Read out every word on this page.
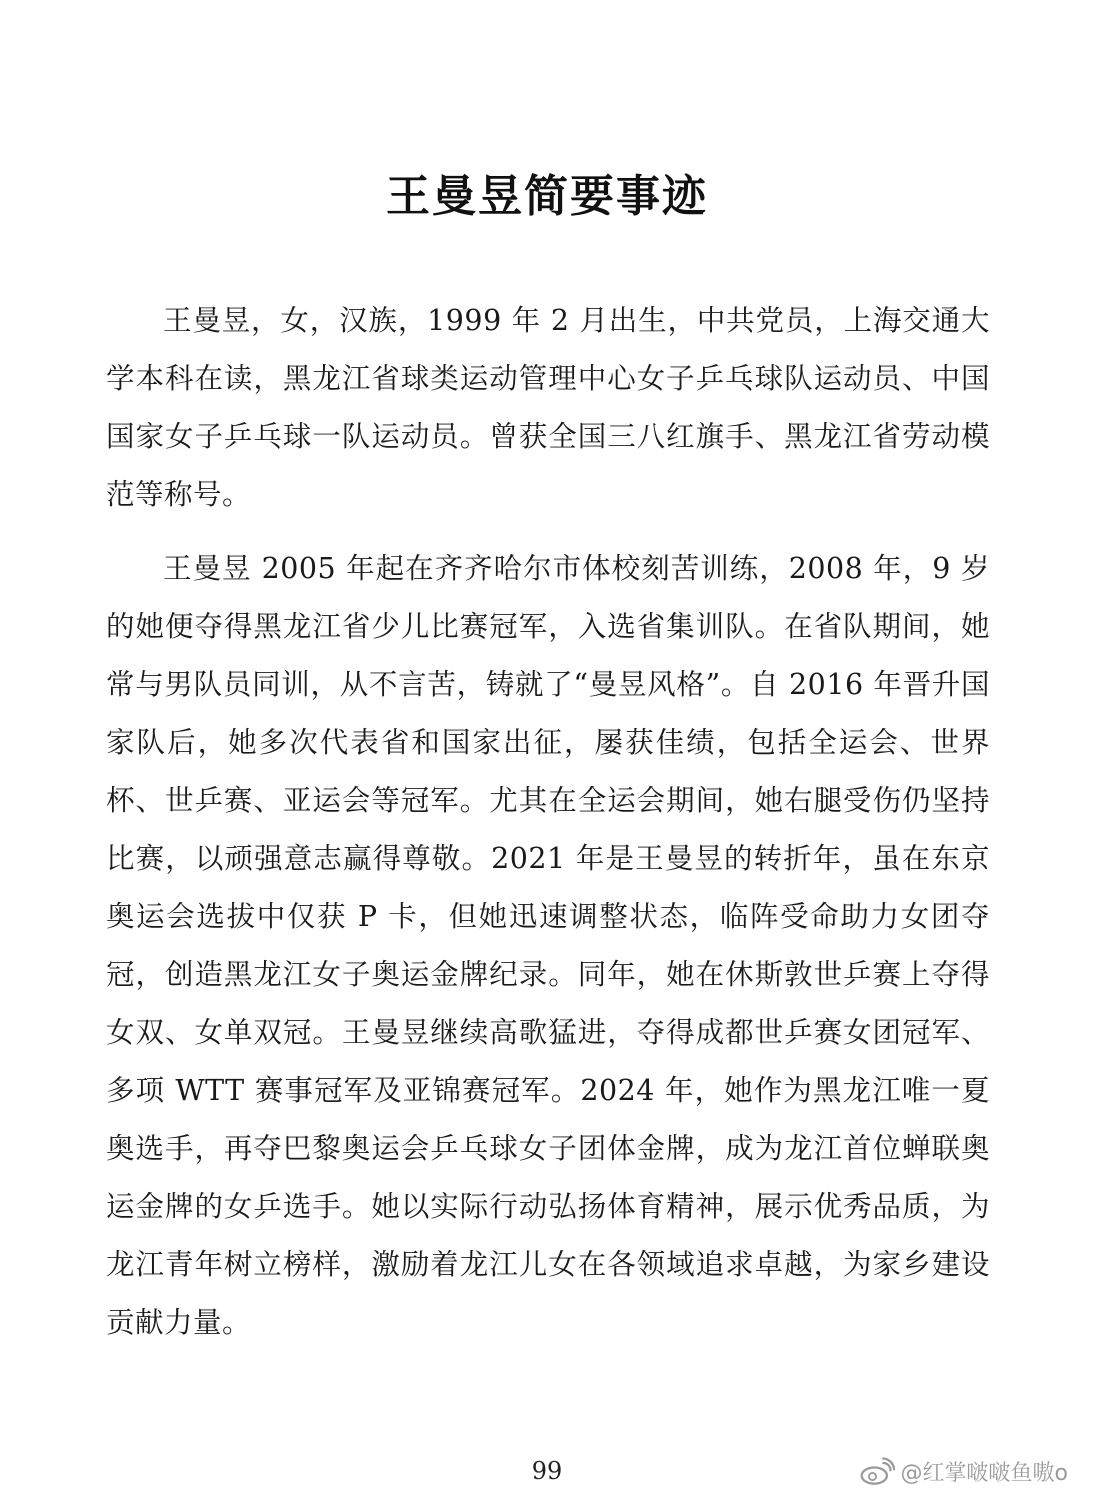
王曼昱简要事迹

王曼昱，女，汉族，1999 年 2 月出生，中共党员，上海交通大学本科在读，黑龙江省球类运动管理中心女子乒乓球队运动员、中国国家女子乒乓球一队运动员。曾获全国三八红旗手、黑龙江省劳动模范等称号。

王曼昱 2005 年起在齐齐哈尔市体校刻苦训练，2008 年，9 岁的她便夺得黑龙江省少儿比赛冠军，入选省集训队。在省队期间，她常与男队员同训，从不言苦，铸就了“曼昱风格”。自 2016 年晋升国家队后，她多次代表省和国家出征，屡获佳绩，包括全运会、世界杯、世乒赛、亚运会等冠军。尤其在全运会期间，她右腿受伤仍坚持比赛，以顽强意志赢得尊敬。2021 年是王曼昱的转折年，虽在东京奥运会选拔中仅获 P 卡，但她迅速调整状态，临阵受命助力女团夺冠，创造黑龙江女子奥运金牌纪录。同年，她在休斯敦世乒赛上夺得女双、女单双冠。王曼昱继续高歌猛进，夺得成都世乒赛女团冠军、多项 WTT 赛事冠军及亚锦赛冠军。2024 年，她作为黑龙江唯一夏奥选手，再夺巴黎奥运会乒乓球女子团体金牌，成为龙江首位蝉联奥运金牌的女乒选手。她以实际行动弘扬体育精神，展示优秀品质，为龙江青年树立榜样，激励着龙江儿女在各领域追求卓越，为家乡建设贡献力量。

99	@红掌啵啵鱼嗷o
